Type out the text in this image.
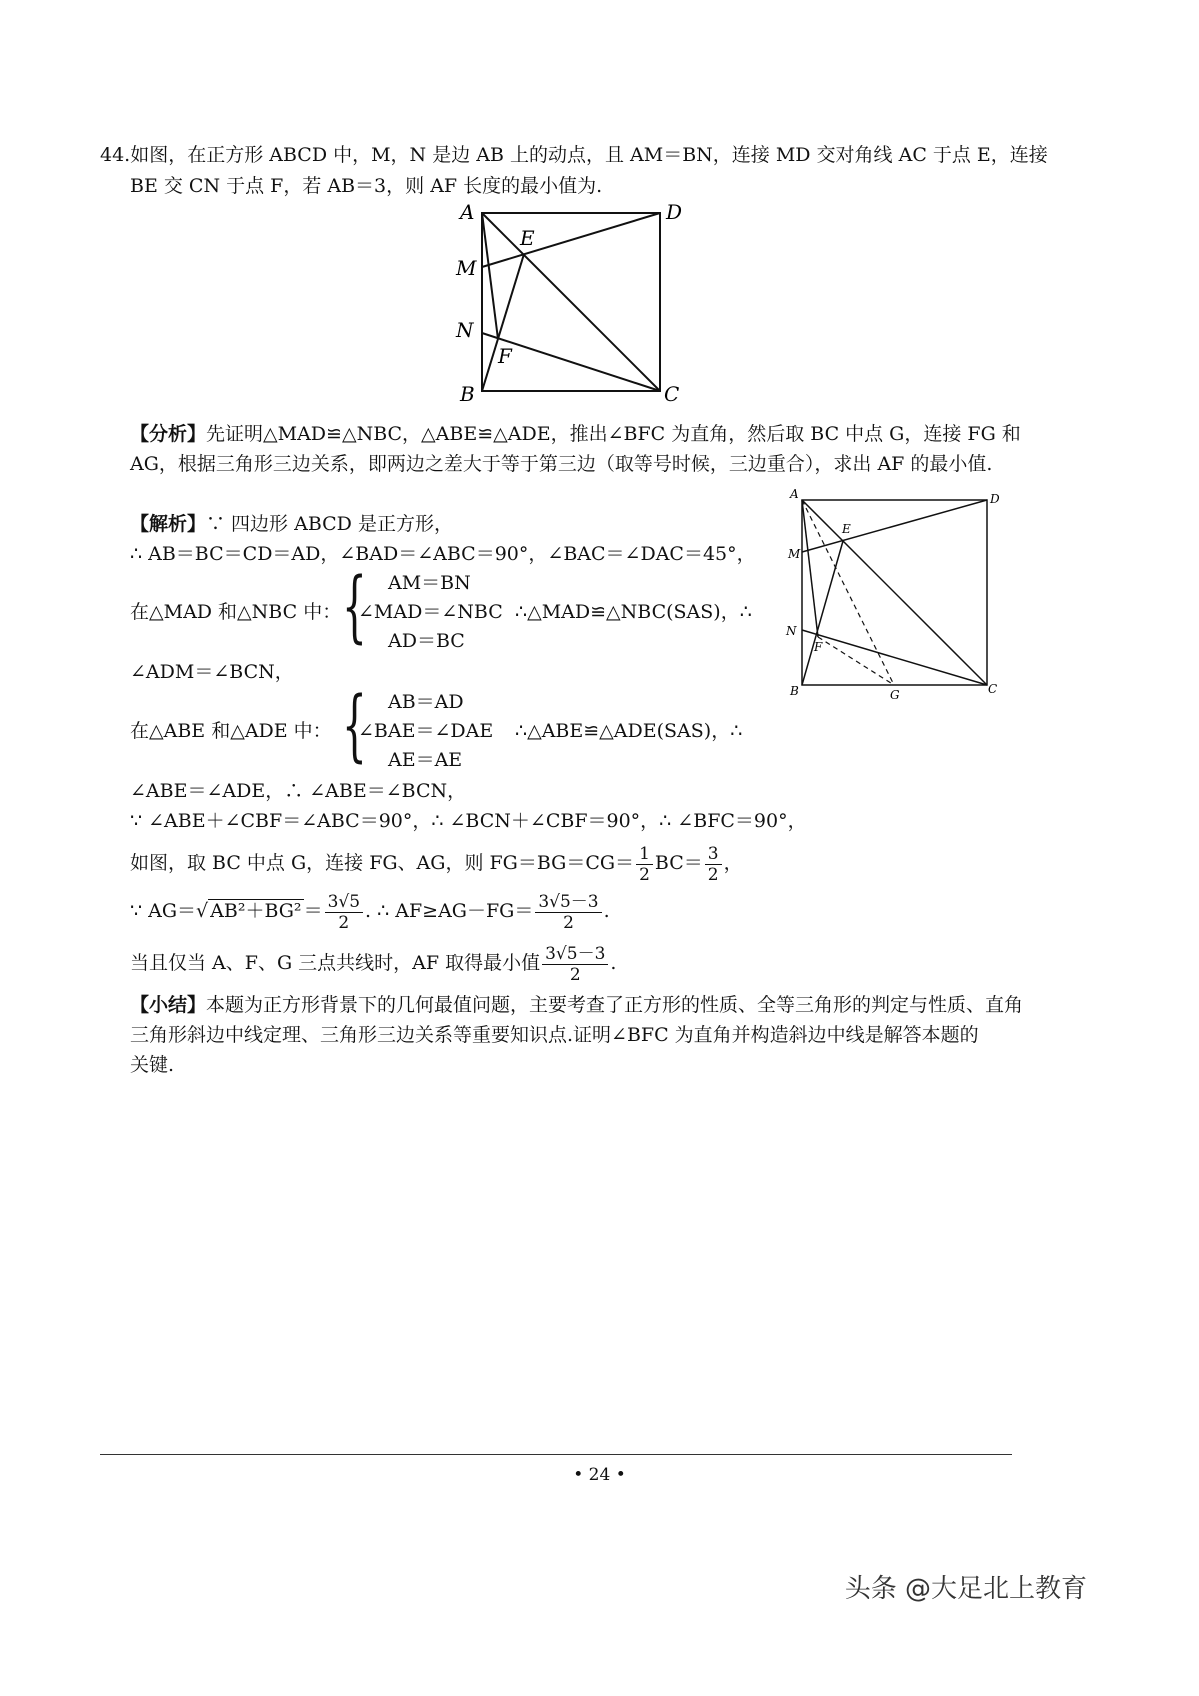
44.如图，在正方形 ABCD 中，M，N 是边 AB 上的动点，且 AM＝BN，连接 MD 交对角线 AC 于点 E，连接
BE 交 CN 于点 F，若 AB＝3，则 AF 长度的最小值为.
A	D
M
E
N
F
B	C
【分析】先证明△MAD≌△NBC，△ABE≌△ADE，推出∠BFC 为直角，然后取 BC 中点 G，连接 FG 和
AG，根据三角形三边关系，即两边之差大于等于第三边（取等号时候，三边重合），求出 AF 的最小值.
【解析】∵ 四边形 ABCD 是正方形，
∴ AB＝BC＝CD＝AD，∠BAD＝∠ABC＝90°，∠BAC＝∠DAC＝45°，
在△MAD 和△NBC 中： { AM＝BN
∠MAD＝∠NBC
AD＝BC
∴△MAD≌△NBC(SAS)，∴
∠ADM＝∠BCN，
在△ABE 和△ADE 中： { AB＝AD
∠BAE＝∠DAE
AE＝AE
∴△ABE≌△ADE(SAS)，∴
∠ABE＝∠ADE，∴ ∠ABE＝∠BCN，
∵ ∠ABE＋∠CBF＝∠ABC＝90°，∴ ∠BCN＋∠CBF＝90°，∴ ∠BFC＝90°，
如图，取 BC 中点 G，连接 FG、AG，则 $FG=BG=CG= \frac{1}{2} BC= \frac{3}{2}$ ，
∵ AG＝√ $AB^2+BG^2 = \frac{3√5}{2}$ . ∴ $AF\ge AG-FG= \frac{3√5-3}{2}$ .
当且仅当 A、F、G 三点共线时，AF 取得最小值 $\frac{3√5-3}{2}$ .
A	D
M
E
N
F
B	G	C
【小结】本题为正方形背景下的几何最值问题，主要考查了正方形的性质、全等三角形的判定与性质、直角
三角形斜边中线定理、三角形三边关系等重要知识点.证明∠BFC 为直角并构造斜边中线是解答本题的
关键.
• 24 •
头条 @大足北上教育
